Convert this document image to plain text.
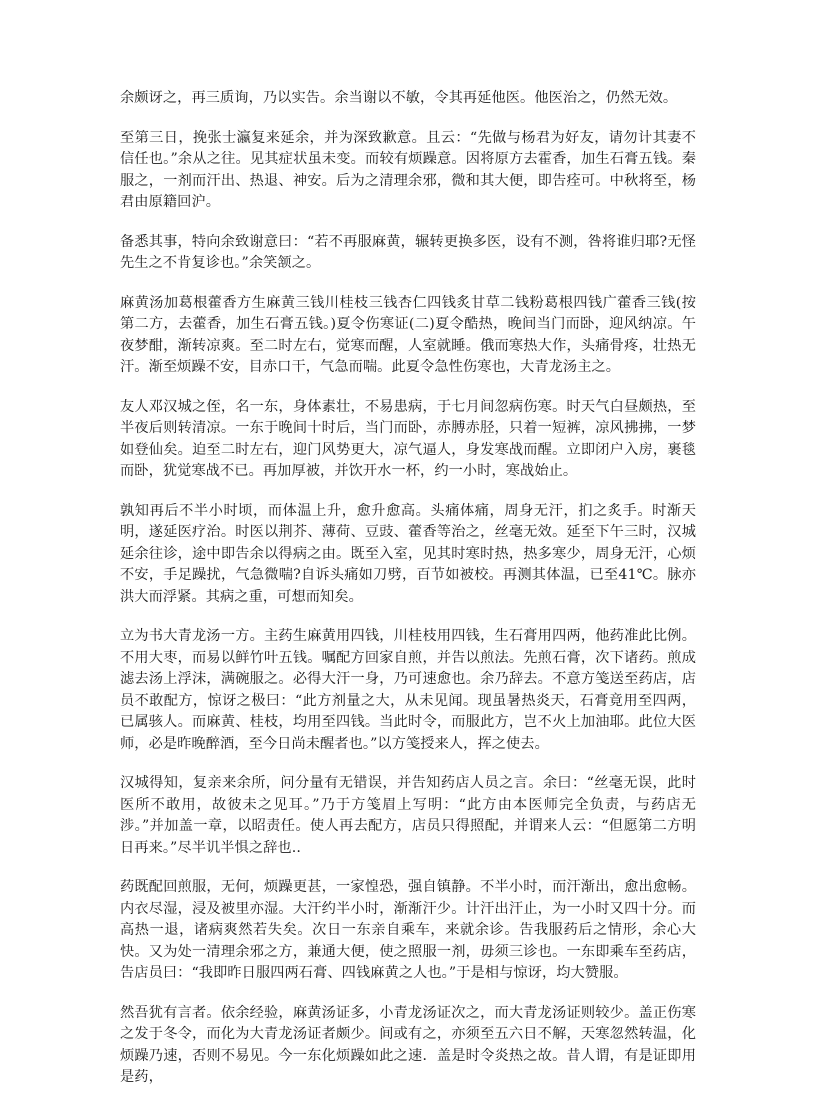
余颇讶之，再三质询，乃以实告。余当谢以不敏，令其再延他医。他医治之，仍然无效。

至第三日，挽张士瀛复来延余，并为深致歉意。且云：“先做与杨君为好友，请勿计其妻不信任也。”余从之往。见其症状虽未变。而较有烦躁意。因将原方去霍香，加生石膏五钱。秦服之，一剂而汗出、热退、神安。后为之清理余邪，微和其大便，即告痊可。中秋将至，杨君由原籍回沪。

备悉其事，特向余致谢意曰：“若不再服麻黄，辗转更换多医，设有不测，咎将谁归耶?无怪先生之不肯复诊也。”余笑颔之。

麻黄汤加葛根藿香方生麻黄三钱川桂枝三钱杏仁四钱炙甘草二钱粉葛根四钱广藿香三钱(按第二方，去藿香，加生石膏五钱。)夏令伤寒证(二)夏令酷热，晚间当门而卧，迎风纳凉。午夜梦酣，渐转凉爽。至二时左右，觉寒而醒，人室就睡。俄而寒热大作，头痛骨疼，壮热无汗。渐至烦躁不安，目赤口干，气急而喘。此夏令急性伤寒也，大青龙汤主之。

友人邓汉城之侄，名一东，身体素壮，不易患病，于七月间忽病伤寒。时天气白昼颇热，至半夜后则转清凉。一东于晚间十时后，当门而卧，赤膊赤胫，只着一短裤，凉风拂拂，一梦如登仙矣。迫至二时左右，迎门风势更大，凉气逼人，身发寒战而醒。立即闭户入房，裹毯而卧，犹觉寒战不已。再加厚被，并饮开水一杯，约一小时，寒战始止。

孰知再后不半小时顷，而体温上升，愈升愈高。头痛体痛，周身无汗，扪之炙手。时渐天明，遂延医疗治。时医以荆芥、薄荷、豆豉、藿香等治之，丝毫无效。延至下午三时，汉城延余往诊，途中即告余以得病之由。既至入室，见其时寒时热，热多寒少，周身无汗，心烦不安，手足躁扰，气急微喘?自诉头痛如刀劈，百节如被校。再测其体温，已至41℃。脉亦洪大而浮紧。其病之重，可想而知矣。

立为书大青龙汤一方。主药生麻黄用四钱，川桂枝用四钱，生石膏用四两，他药准此比例。不用大枣，而易以鲜竹叶五钱。嘱配方回家自煎，并告以煎法。先煎石膏，次下诸药。煎成滤去汤上浮沫，满碗服之。必得大汗一身，乃可速愈也。余乃辞去。不意方笺送至药店，店员不敢配方，惊讶之极曰：“此方剂量之大，从未见闻。现虽暑热炎天，石膏竟用至四两，已属骇人。而麻黄、桂枝，均用至四钱。当此时令，而服此方，岂不火上加油耶。此位大医师，必是昨晚醉酒，至今日尚未醒者也。”以方笺授来人，挥之使去。

汉城得知，复亲来余所，问分量有无错误，并告知药店人员之言。余曰：“丝毫无误，此时医所不敢用，故彼未之见耳。”乃于方笺眉上写明：“此方由本医师完全负责，与药店无涉。”并加盖一章，以昭责任。使人再去配方，店员只得照配，并谓来人云：“但愿第二方明日再来。”尽半讥半惧之辞也..

药既配回煎服，无何，烦躁更甚，一家惶恐，强自镇静。不半小时，而汗渐出，愈出愈畅。内衣尽湿，浸及被里亦湿。大汗约半小时，渐渐汗少。计汗出汗止，为一小时又四十分。而高热一退，诸病爽然若失矣。次日一东亲自乘车，来就余诊。告我服药后之情形，余心大快。又为处一清理余邪之方，兼通大便，使之照服一剂，毋须三诊也。一东即乘车至药店，告店员曰：“我即昨日服四两石膏、四钱麻黄之人也。”于是相与惊讶，均大赞服。

然吾犹有言者。依余经验，麻黄汤证多，小青龙汤证次之，而大青龙汤证则较少。盖正伤寒之发于冬令，而化为大青龙汤证者颇少。间或有之，亦须至五六日不解，天寒忽然转温，化烦躁乃速，否则不易见。今一东化烦躁如此之速．盖是时令炎热之故。昔人谓，有是证即用是药，
